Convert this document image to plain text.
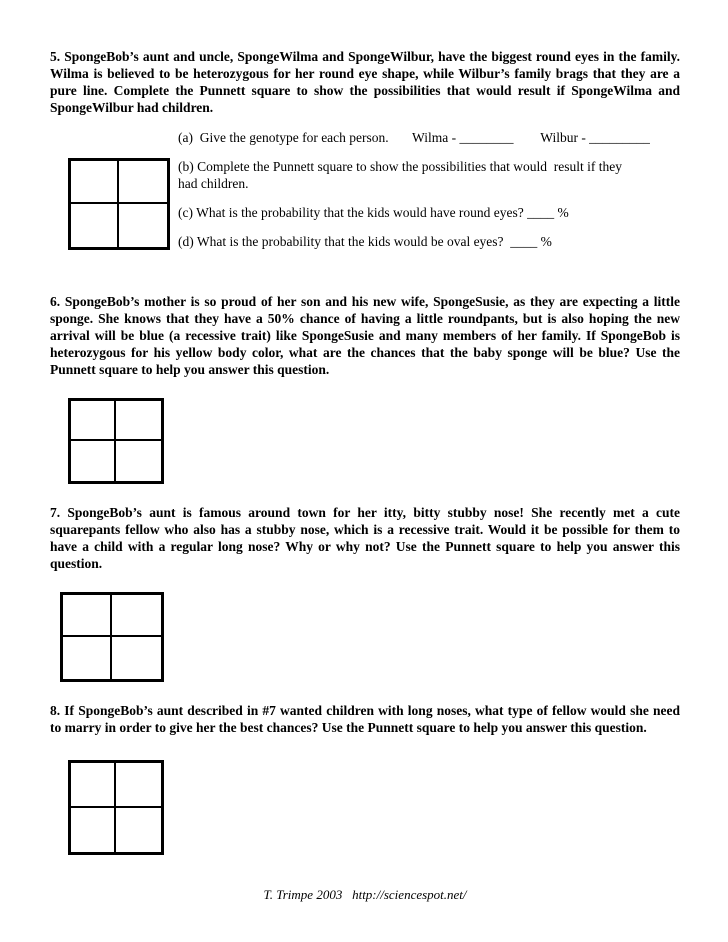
5. SpongeBob’s aunt and uncle, SpongeWilma and SpongeWilbur, have the biggest round eyes in the family. Wilma is believed to be heterozygous for her round eye shape, while Wilbur’s family brags that they are a pure line. Complete the Punnett square to show the possibilities that would result if SpongeWilma and SpongeWilbur had children.

(a)  Give the genotype for each person.       Wilma - ________        Wilbur - _________

(b) Complete the Punnett square to show the possibilities that would  result if they had children.

(c) What is the probability that the kids would have round eyes? ____ %

(d) What is the probability that the kids would be oval eyes?  ____ %

6. SpongeBob’s mother is so proud of her son and his new wife, SpongeSusie, as they are expecting a little sponge. She knows that they have a 50% chance of having a little roundpants, but is also hoping the new arrival will be blue (a recessive trait) like SpongeSusie and many members of her family. If SpongeBob is heterozygous for his yellow body color, what are the chances that the baby sponge will be blue? Use the Punnett square to help you answer this question.

7. SpongeBob’s aunt is famous around town for her itty, bitty stubby nose! She recently met a cute squarepants fellow who also has a stubby nose, which is a recessive trait. Would it be possible for them to have a child with a regular long nose? Why or why not? Use the Punnett square to help you answer this question.

8. If SpongeBob’s aunt described in #7 wanted children with long noses, what type of fellow would she need to marry in order to give her the best chances? Use the Punnett square to help you answer this question.

T. Trimpe 2003   http://sciencespot.net/
